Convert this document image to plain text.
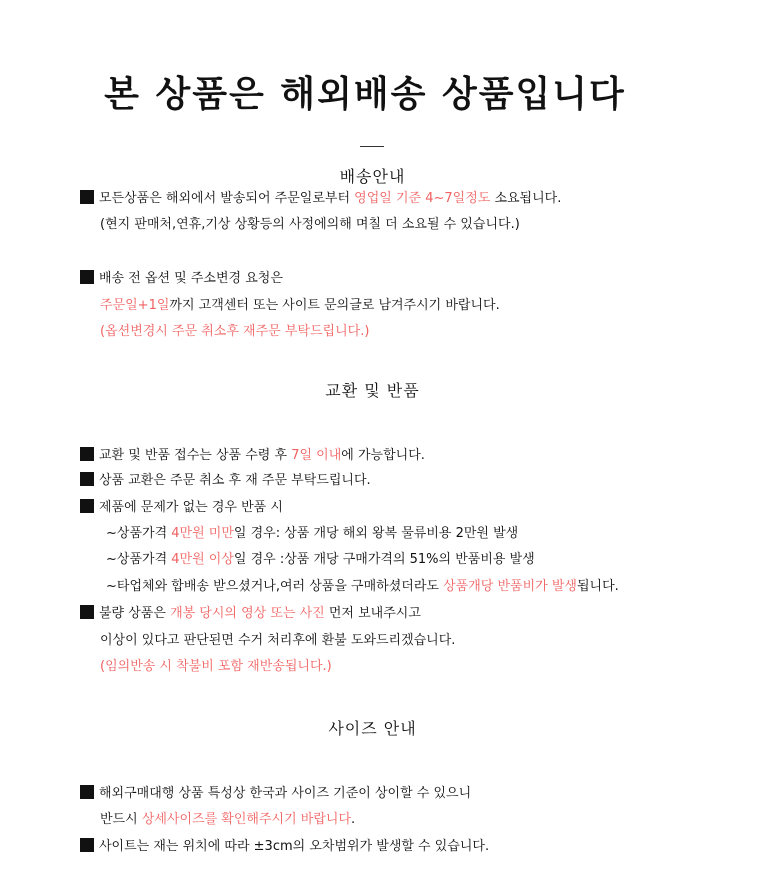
본 상품은 해외배송 상품입니다
배송안내
모든상품은 해외에서 발송되어 주문일로부터 영업일 기준 4~7일정도 소요됩니다.
(현지 판매처,연휴,기상 상황등의 사정에의해 며칠 더 소요될 수 있습니다.)
배송 전 옵션 및 주소변경 요청은
주문일+1일까지 고객센터 또는 사이트 문의글로 남겨주시기 바랍니다.
(옵션변경시 주문 취소후 재주문 부탁드립니다.)
교환 및 반품
교환 및 반품 접수는 상품 수령 후 7일 이내에 가능합니다.
상품 교환은 주문 취소 후 재 주문 부탁드립니다.
제품에 문제가 없는 경우 반품 시
~상품가격 4만원 미만일 경우: 상품 개당 해외 왕복 물류비용 2만원 발생
~상품가격 4만원 이상일 경우 :상품 개당 구매가격의 51%의 반품비용 발생
~타업체와 합배송 받으셨거나,여러 상품을 구매하셨더라도 상품개당 반품비가 발생됩니다.
불량 상품은 개봉 당시의 영상 또는 사진 먼저 보내주시고
이상이 있다고 판단된면 수거 처리후에 환불 도와드리겠습니다.
(임의반송 시 착불비 포함 재반송됩니다.)
사이즈 안내
해외구매대행 상품 특성상 한국과 사이즈 기준이 상이할 수 있으니
반드시 상세사이즈를 확인해주시기 바랍니다.
사이트는 재는 위치에 따라 ±3cm의 오차범위가 발생할 수 있습니다.
